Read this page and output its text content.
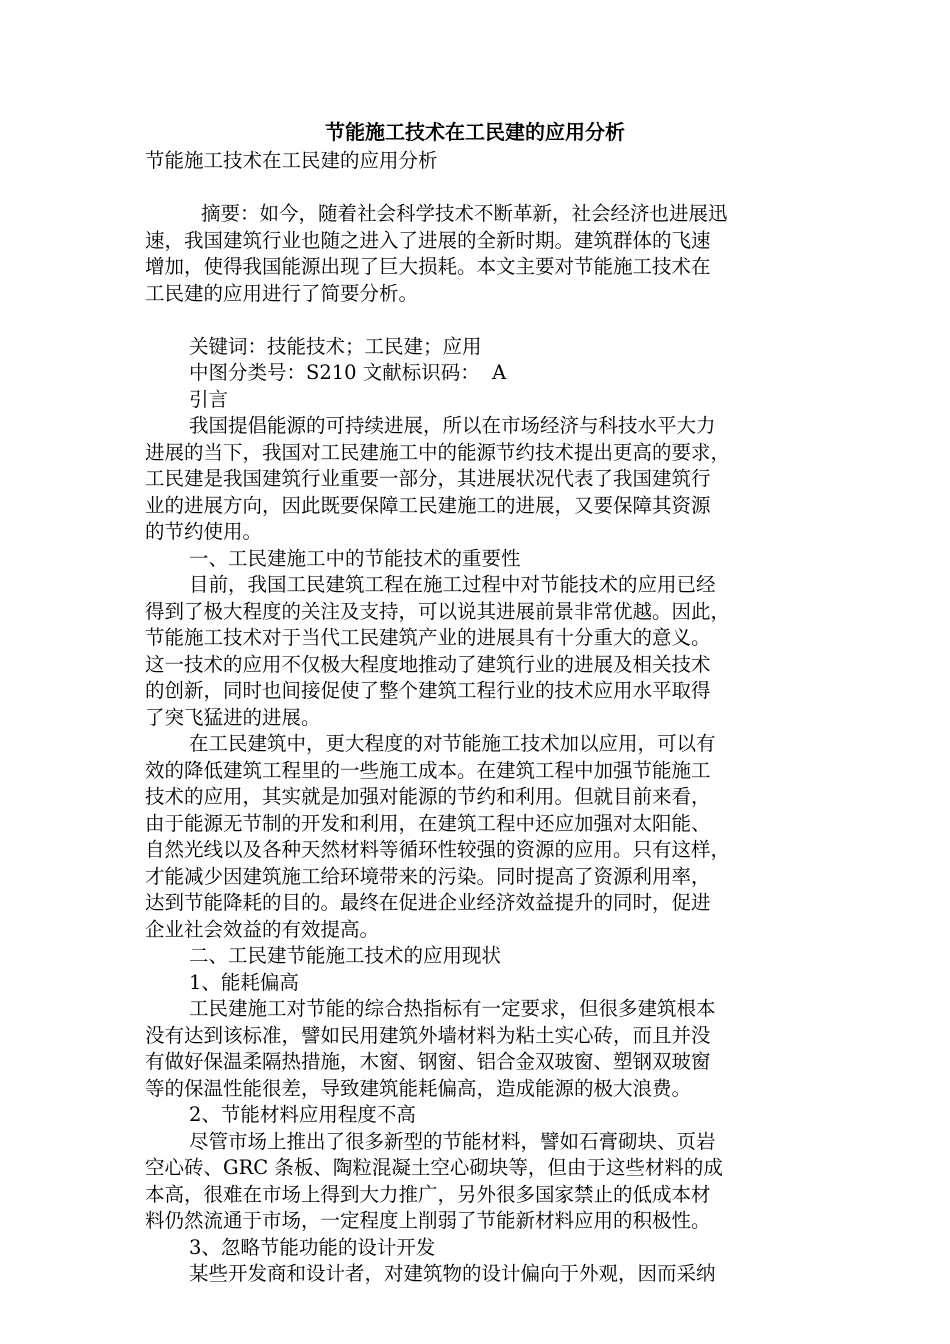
节能施工技术在工民建的应用分析

节能施工技术在工民建的应用分析

摘要：如今，随着社会科学技术不断革新，社会经济也进展迅

速，我国建筑行业也随之进入了进展的全新时期。建筑群体的飞速

增加，使得我国能源出现了巨大损耗。本文主要对节能施工技术在

工民建的应用进行了简要分析。

关键词：技能技术；工民建；应用

中图分类号：S210 文献标识码：  A

引言

我国提倡能源的可持续进展，所以在市场经济与科技水平大力

进展的当下，我国对工民建施工中的能源节约技术提出更高的要求，

工民建是我国建筑行业重要一部分，其进展状况代表了我国建筑行

业的进展方向，因此既要保障工民建施工的进展，又要保障其资源

的节约使用。

一、工民建施工中的节能技术的重要性

目前，我国工民建筑工程在施工过程中对节能技术的应用已经

得到了极大程度的关注及支持，可以说其进展前景非常优越。因此，

节能施工技术对于当代工民建筑产业的进展具有十分重大的意义。

这一技术的应用不仅极大程度地推动了建筑行业的进展及相关技术

的创新，同时也间接促使了整个建筑工程行业的技术应用水平取得

了突飞猛进的进展。

在工民建筑中，更大程度的对节能施工技术加以应用，可以有

效的降低建筑工程里的一些施工成本。在建筑工程中加强节能施工

技术的应用，其实就是加强对能源的节约和利用。但就目前来看，

由于能源无节制的开发和利用，在建筑工程中还应加强对太阳能、

自然光线以及各种天然材料等循环性较强的资源的应用。只有这样，

才能减少因建筑施工给环境带来的污染。同时提高了资源利用率，

达到节能降耗的目的。最终在促进企业经济效益提升的同时，促进

企业社会效益的有效提高。

二、工民建节能施工技术的应用现状

1、能耗偏高

工民建施工对节能的综合热指标有一定要求，但很多建筑根本

没有达到该标准，譬如民用建筑外墙材料为粘土实心砖，而且并没

有做好保温柔隔热措施，木窗、钢窗、铝合金双玻窗、塑钢双玻窗

等的保温性能很差，导致建筑能耗偏高，造成能源的极大浪费。

2、节能材料应用程度不高

尽管市场上推出了很多新型的节能材料，譬如石膏砌块、页岩

空心砖、GRC 条板、陶粒混凝土空心砌块等，但由于这些材料的成

本高，很难在市场上得到大力推广，另外很多国家禁止的低成本材

料仍然流通于市场，一定程度上削弱了节能新材料应用的积极性。

3、忽略节能功能的设计开发

某些开发商和设计者，对建筑物的设计偏向于外观，因而采纳
